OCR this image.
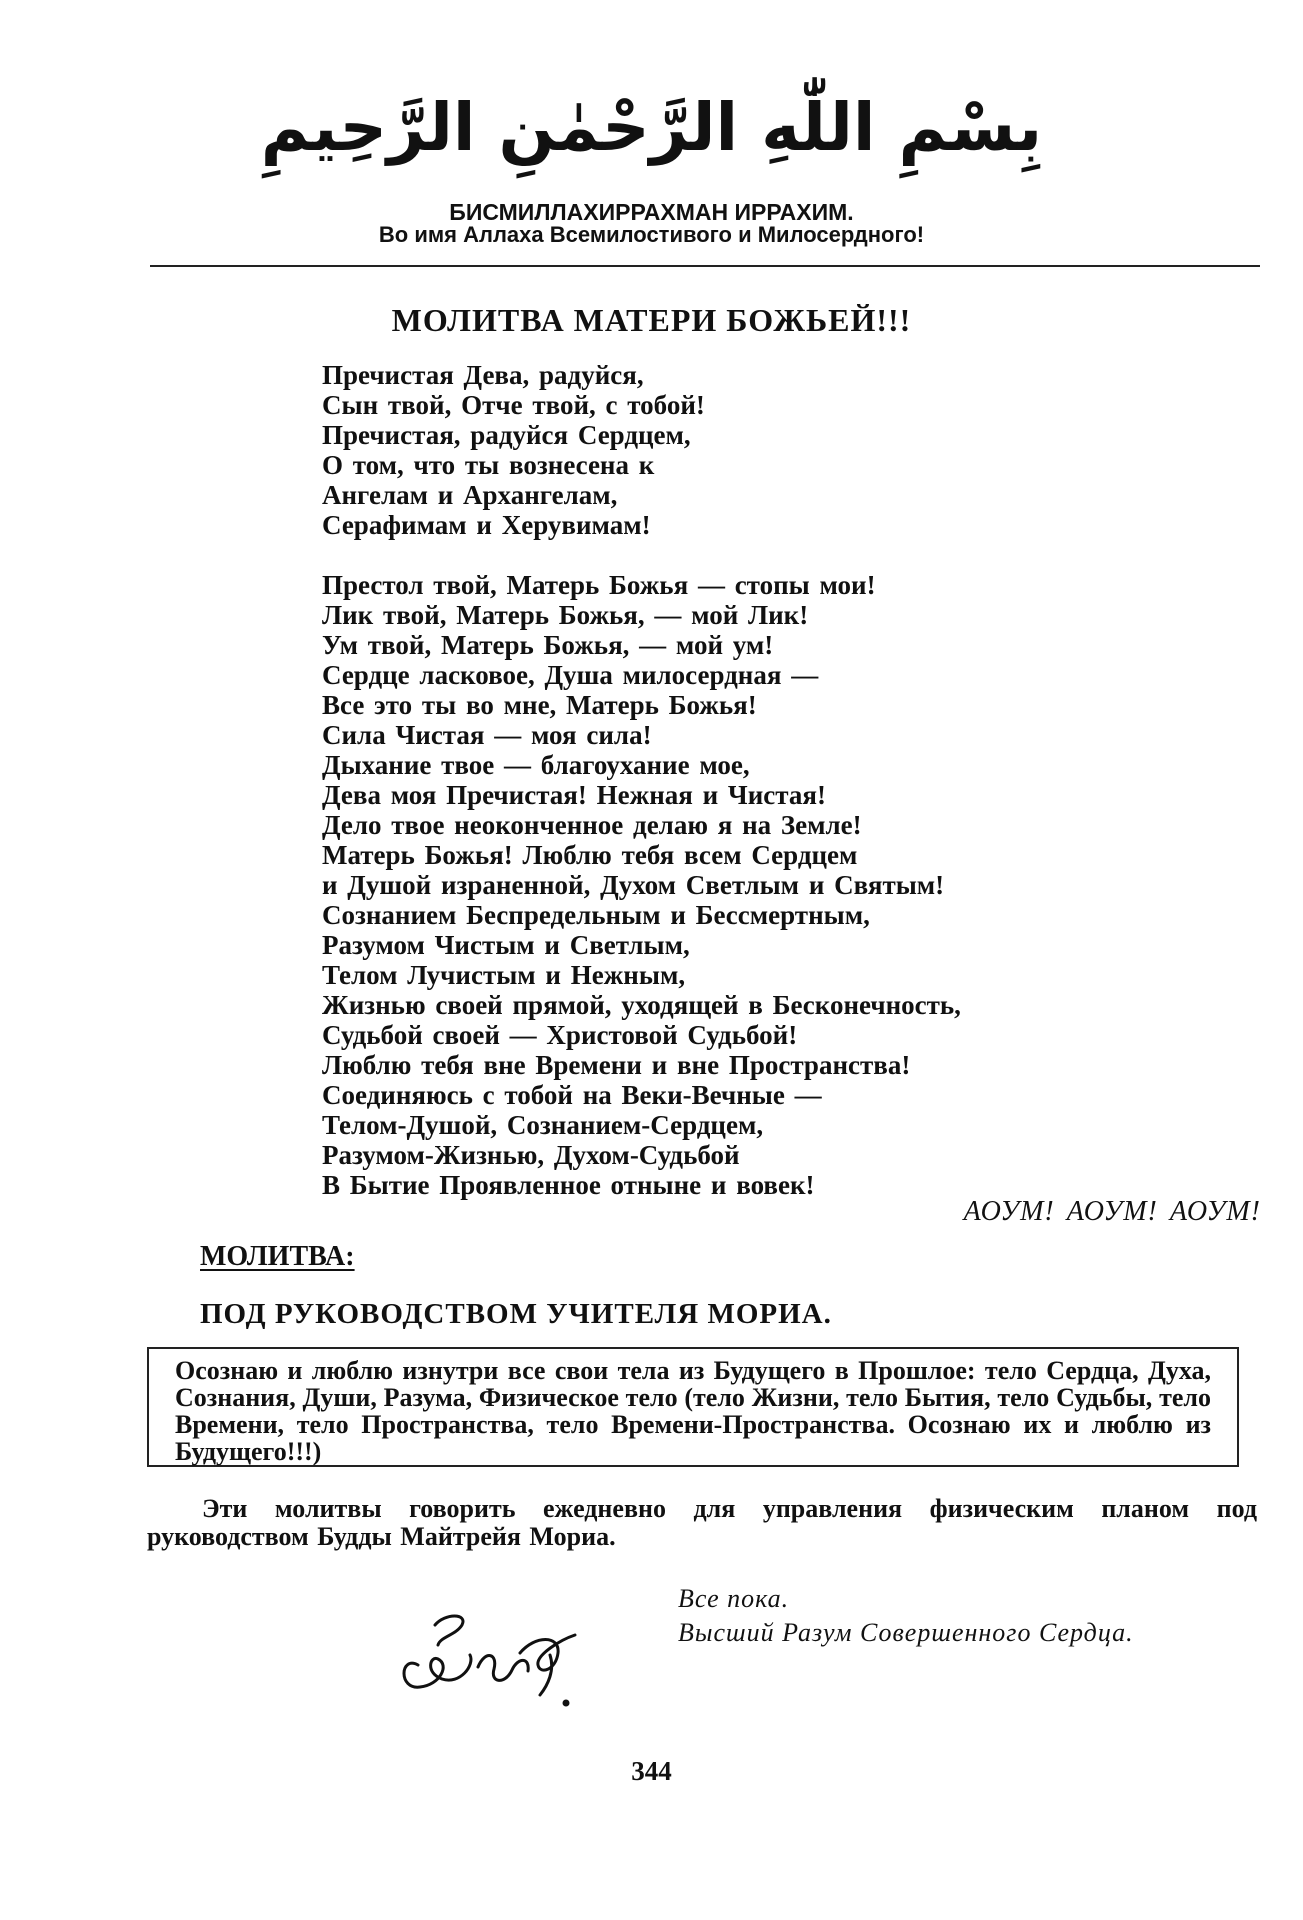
بِسْمِ اللّٰهِ الرَّحْمٰنِ الرَّحِيمِ
БИСМИЛЛАХИРРАХМАН ИРРАХИМ.
Во имя Аллаха Всемилостивого и Милосердного!
МОЛИТВА МАТЕРИ БОЖЬЕЙ!!!
Пречистая Дева, радуйся,
Сын твой, Отче твой, с тобой!
Пречистая, радуйся Сердцем,
О том, что ты вознесена к
Ангелам и Архангелам,
Серафимам и Херувимам!
Престол твой, Матерь Божья — стопы мои!
Лик твой, Матерь Божья, — мой Лик!
Ум твой, Матерь Божья, — мой ум!
Сердце ласковое, Душа милосердная —
Все это ты во мне, Матерь Божья!
Сила Чистая — моя сила!
Дыхание твое — благоухание мое,
Дева моя Пречистая! Нежная и Чистая!
Дело твое неоконченное делаю я на Земле!
Матерь Божья! Люблю тебя всем Сердцем
и Душой израненной, Духом Светлым и Святым!
Сознанием Беспредельным и Бессмертным,
Разумом Чистым и Светлым,
Телом Лучистым и Нежным,
Жизнью своей прямой, уходящей в Бесконечность,
Судьбой своей — Христовой Судьбой!
Люблю тебя вне Времени и вне Пространства!
Соединяюсь с тобой на Веки-Вечные —
Телом-Душой, Сознанием-Сердцем,
Разумом-Жизнью, Духом-Судьбой
В Бытие Проявленное отныне и вовек!
АОУМ! АОУМ! АОУМ!
МОЛИТВА:
ПОД РУКОВОДСТВОМ УЧИТЕЛЯ МОРИА.
Осознаю и люблю изнутри все свои тела из Будущего в Прошлое: тело Сердца, Духа, Сознания, Души, Разума, Физическое тело (тело Жизни, тело Бытия, тело Судьбы, тело Времени, тело Пространства, тело Времени-Пространства. Осознаю их и люблю из Будущего!!!)
Эти молитвы говорить ежедневно для управления физическим планом под руководством Будды Майтрейя Мориа.
Все пока.
Высший Разум Совершенного Сердца.
344
